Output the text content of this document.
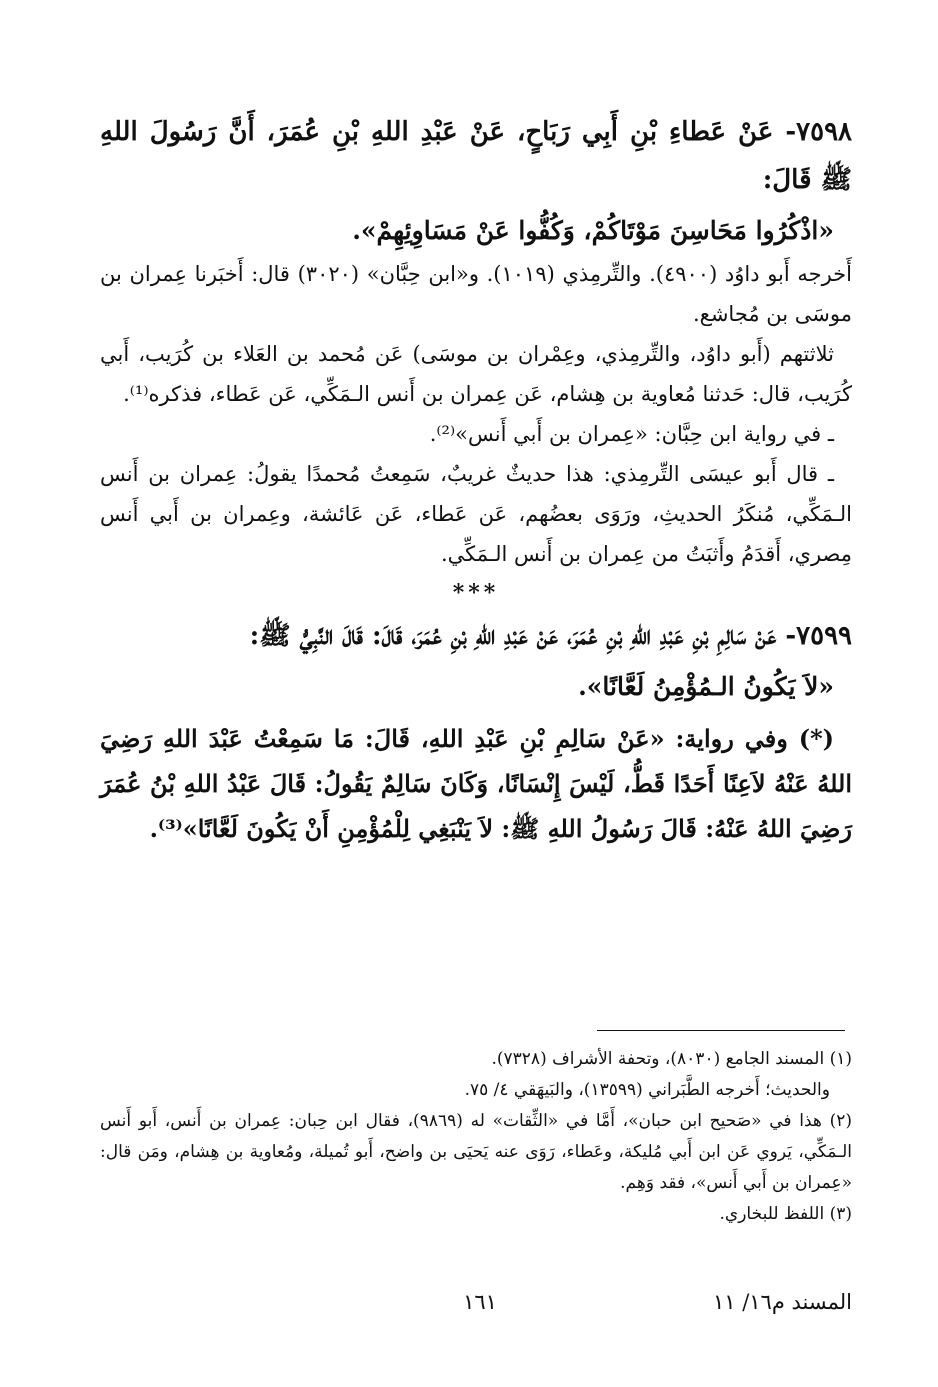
٧٥٩٨- عَنْ عَطاءِ بْنِ أَبِي رَبَاحٍ، عَنْ عَبْدِ اللهِ بْنِ عُمَرَ، أَنَّ رَسُولَ اللهِ ﷺ قَالَ:

«اذْكُرُوا مَحَاسِنَ مَوْتَاكُمْ، وَكُفُّوا عَنْ مَسَاوِئِهِمْ».

أَخرجه أَبو داوُد (٤٩٠٠). والتِّرمِذي (١٠١٩). و«ابن حِبَّان» (٣٠٢٠) قال: أَخبَرنا عِمران بن موسَى بن مُجاشع.

ثلاثتهم (أَبو داوُد، والتِّرمِذي، وعِمْران بن موسَى) عَن مُحمد بن العَلاء بن كُرَيب، أَبي كُرَيب، قال: حَدثنا مُعاوية بن هِشام، عَن عِمران بن أَنس الـمَكِّي، عَن عَطاء، فذكره⁽¹⁾.

ـ في رواية ابن حِبَّان: «عِمران بن أَبي أَنس»⁽²⁾.

ـ قال أَبو عيسَى التِّرمِذي: هذا حديثٌ غريبٌ، سَمِعتُ مُحمدًا يقولُ: عِمران بن أَنس الـمَكِّي، مُنكَرُ الحديثِ، ورَوَى بعضُهم، عَن عَطاء، عَن عَائشة، وعِمران بن أَبي أَنس مِصري، أَقدَمُ وأَثبَتُ من عِمران بن أَنس الـمَكِّي.

***

٧٥٩٩- عَنْ سَالِمِ بْنِ عَبْدِ اللهِ بْنِ عُمَرَ، عَنْ عَبْدِ اللهِ بْنِ عُمَرَ، قَالَ: قَالَ النَّبِيُّ ﷺ:

«لاَ يَكُونُ الـمُؤْمِنُ لَعَّانًا».

(*) وفي رواية: «عَنْ سَالِمِ بْنِ عَبْدِ اللهِ، قَالَ: مَا سَمِعْتُ عَبْدَ اللهِ رَضِيَ اللهُ عَنْهُ لاَعِنًا أَحَدًا قَطُّ، لَيْسَ إِنْسَانًا، وَكَانَ سَالِمٌ يَقُولُ: قَالَ عَبْدُ اللهِ بْنُ عُمَرَ رَضِيَ اللهُ عَنْهُ: قَالَ رَسُولُ اللهِ ﷺ: لاَ يَنْبَغِي لِلْمُؤْمِنِ أَنْ يَكُونَ لَعَّانًا»⁽³⁾.

(١) المسند الجامع (٨٠٣٠)، وتحفة الأشراف (٧٣٢٨).

والحديث؛ أَخرجه الطَّبَراني (١٣٥٩٩)، والبَيهَقي ٤/ ٧٥.

(٢) هذا في «صَحيح ابن حبان»، أَمَّا في «الثِّقات» له (٩٨٦٩)، فقال ابن حِبان: عِمران بن أَنس، أَبو أَنس الـمَكِّي، يَروي عَن ابن أَبي مُليكة، وعَطاء، رَوَى عنه يَحيَى بن واضح، أَبو تُميلة، ومُعاوية بن هِشام، ومَن قال: «عِمران بن أَبي أَنس»، فقد وَهِم.

(٣) اللفظ للبخاري.

١٦١	المسند م١٦/ ١١
